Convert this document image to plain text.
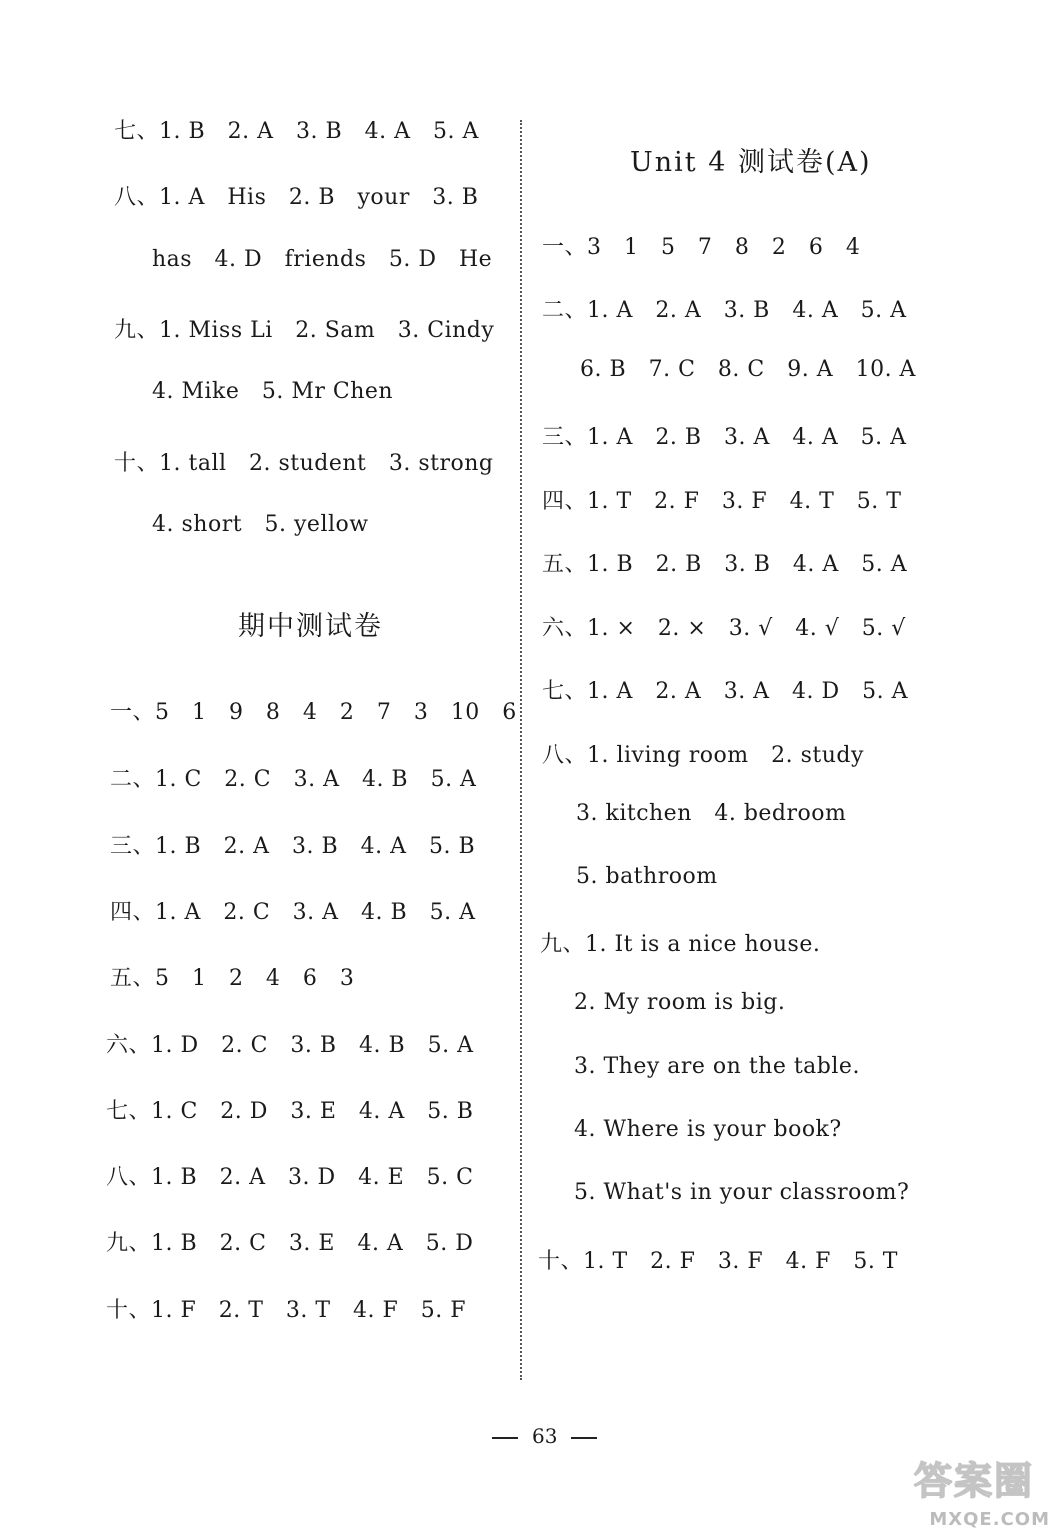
七、1. B   2. A   3. B   4. A   5. A
八、1. A   His   2. B   your   3. B
has   4. D   friends   5. D   He
九、1. Miss Li   2. Sam   3. Cindy
4. Mike   5. Mr Chen
十、1. tall   2. student   3. strong
4. short   5. yellow
期中测试卷
一、5   1   9   8   4   2   7   3   10   6
二、1. C   2. C   3. A   4. B   5. A
三、1. B   2. A   3. B   4. A   5. B
四、1. A   2. C   3. A   4. B   5. A
五、5   1   2   4   6   3
六、1. D   2. C   3. B   4. B   5. A
七、1. C   2. D   3. E   4. A   5. B
八、1. B   2. A   3. D   4. E   5. C
九、1. B   2. C   3. E   4. A   5. D
十、1. F   2. T   3. T   4. F   5. F
Unit 4 测试卷(A)
一、3   1   5   7   8   2   6   4
二、1. A   2. A   3. B   4. A   5. A
6. B   7. C   8. C   9. A   10. A
三、1. A   2. B   3. A   4. A   5. A
四、1. T   2. F   3. F   4. T   5. T
五、1. B   2. B   3. B   4. A   5. A
六、1. ×   2. ×   3. √   4. √   5. √
七、1. A   2. A   3. A   4. D   5. A
八、1. living room   2. study
3. kitchen   4. bedroom
5. bathroom
九、1. It is a nice house.
2. My room is big.
3. They are on the table.
4. Where is your book?
5. What's in your classroom?
十、1. T   2. F   3. F   4. F   5. T

63

答案圈
MXQE.COM
